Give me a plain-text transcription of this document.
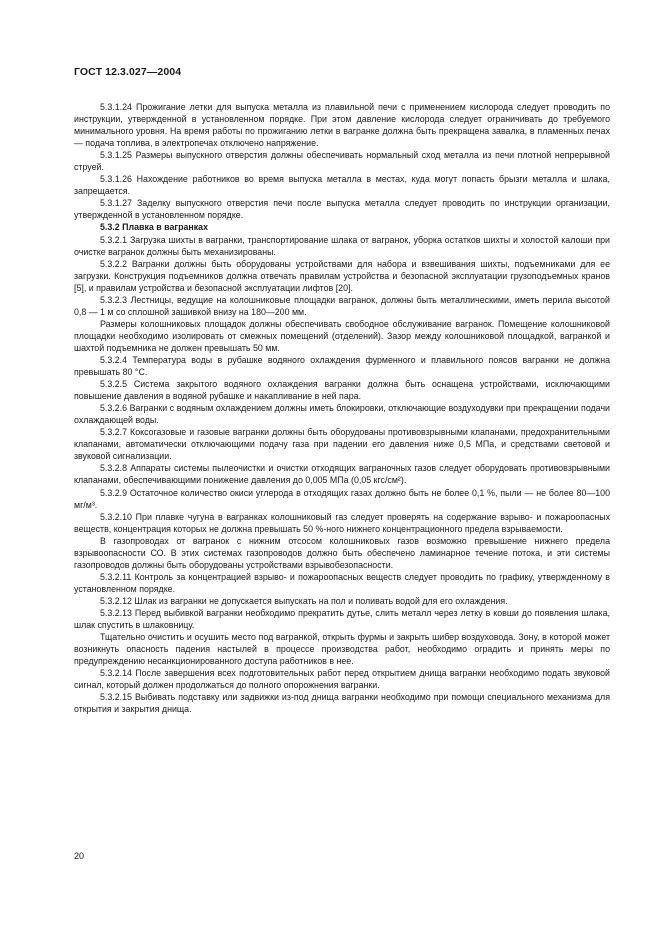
ГОСТ 12.3.027—2004

5.3.1.24 Прожигание летки для выпуска металла из плавильной печи с применением кислорода следует проводить по инструкции, утвержденной в установленном порядке. При этом давление кислорода следует ограничивать до требуемого минимального уровня. На время работы по прожиганию летки в вагранке должна быть прекращена завалка, в пламенных печах — подача топлива, в электропечах отключено напряжение.

5.3.1.25 Размеры выпускного отверстия должны обеспечивать нормальный сход металла из печи плотной непрерывной струей.

5.3.1.26 Нахождение работников во время выпуска металла в местах, куда могут попасть брызги металла и шлака, запрещается.

5.3.1.27 Заделку выпускного отверстия печи после выпуска металла следует проводить по инструкции организации, утвержденной в установленном порядке.

5.3.2 Плавка в вагранках

5.3.2.1 Загрузка шихты в вагранки, транспортирование шлака от вагранок, уборка остатков шихты и холостой калоши при очистке вагранок должны быть механизированы.

5.3.2.2 Вагранки должны быть оборудованы устройствами для набора и взвешивания шихты, подъемниками для ее загрузки. Конструкция подъемников должна отвечать правилам устройства и безопасной эксплуатации грузоподъемных кранов [5], и правилам устройства и безопасной эксплуатации лифтов [20].

5.3.2.3 Лестницы, ведущие на колошниковые площадки вагранок, должны быть металлическими, иметь перила высотой 0,8 — 1 м со сплошной зашивкой внизу на 180—200 мм.

Размеры колошниковых площадок должны обеспечивать свободное обслуживание вагранок. Помещение колошниковой площадки необходимо изолировать от смежных помещений (отделений). Зазор между колошниковой площадкой, вагранкой и шахтой подъемника не должен превышать 50 мм.

5.3.2.4 Температура воды в рубашке водяного охлаждения фурменного и плавильного поясов вагранки не должна превышать 80 °С.

5.3.2.5 Система закрытого водяного охлаждения вагранки должна быть оснащена устройствами, исключающими повышение давления в водяной рубашке и накапливание в ней пара.

5.3.2.6 Вагранки с водяным охлаждением должны иметь блокировки, отключающие воздуходувки при прекращении подачи охлаждающей воды.

5.3.2.7 Коксогазовые и газовые вагранки должны быть оборудованы противовзрывными клапанами, предохранительными клапанами, автоматически отключающими подачу газа при падении его давления ниже 0,5 МПа, и средствами световой и звуковой сигнализации.

5.3.2.8 Аппараты системы пылеочистки и очистки отходящих ваграночных газов следует оборудовать противовзрывными клапанами, обеспечивающими понижение давления до 0,005 МПа (0,05 кгс/см²).

5.3.2.9 Остаточное количество окиси углерода в отходящих газах должно быть не более 0,1 %, пыли — не более 80—100 мг/м³.

5.3.2.10 При плавке чугуна в вагранках колошниковый газ следует проверять на содержание взрыво- и пожароопасных веществ, концентрация которых не должна превышать 50 %-ного нижнего концентрационного предела взрываемости.

В газопроводах от вагранок с нижним отсосом колошниковых газов возможно превышение нижнего предела взрывоопасности СО. В этих системах газопроводов должно быть обеспечено ламинарное течение потока, и эти системы газопроводов должны быть оборудованы устройствами взрывобезопасности.

5.3.2.11 Контроль за концентрацией взрыво- и пожароопасных веществ следует проводить по графику, утвержденному в установленном порядке.

5.3.2.12 Шлак из вагранки не допускается выпускать на пол и поливать водой для его охлаждения.

5.3.2.13 Перед выбивкой вагранки необходимо прекратить дутье, слить металл через летку в ковши до появления шлака, шлак спустить в шлаковницу.

Тщательно очистить и осушить место под вагранкой, открыть фурмы и закрыть шибер воздуховода. Зону, в которой может возникнуть опасность падения настылей в процессе производства работ, необходимо оградить и принять меры по предупреждению несанкционированного доступа работников в нее.

5.3.2.14 После завершения всех подготовительных работ перед открытием днища вагранки необходимо подать звуковой сигнал, который должен продолжаться до полного опорожнения вагранки.

5.3.2.15 Выбивать подставку или задвижки из-под днища вагранки необходимо при помощи специального механизма для открытия и закрытия днища.

20
